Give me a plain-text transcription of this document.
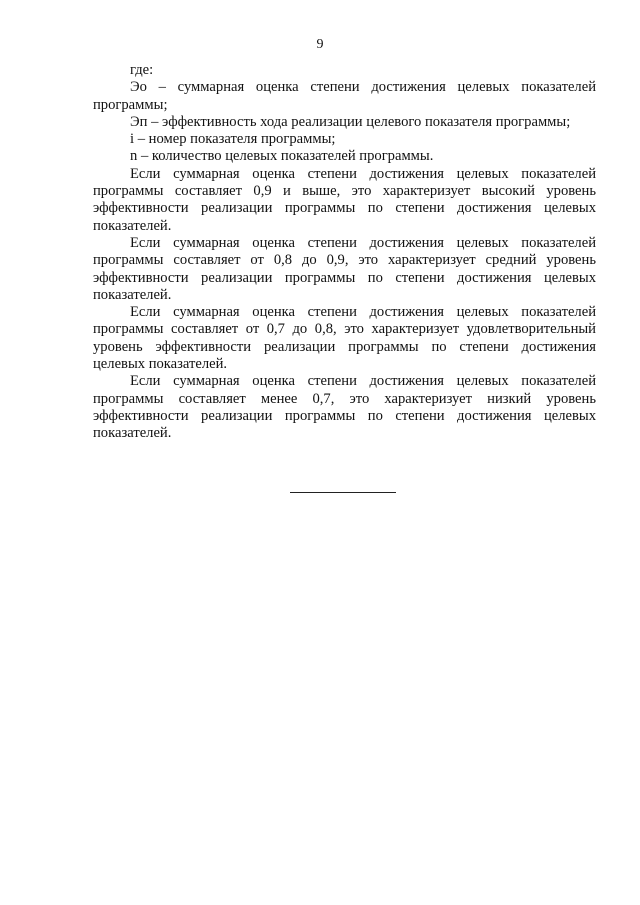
9

где:

Эо – суммарная оценка степени достижения целевых показателей программы;

Эп – эффективность хода реализации целевого показателя программы;

i – номер показателя программы;

n – количество целевых показателей программы.

Если суммарная оценка степени достижения целевых показателей программы составляет 0,9 и выше, это характеризует высокий уровень эффективности реализации программы по степени достижения целевых показателей.

Если суммарная оценка степени достижения целевых показателей программы составляет от 0,8 до 0,9, это характеризует средний уровень эффективности реализации программы по степени достижения целевых показателей.

Если суммарная оценка степени достижения целевых показателей программы составляет от 0,7 до 0,8, это характеризует удовлетворительный уровень эффективности реализации программы по степени достижения целевых показателей.

Если суммарная оценка степени достижения целевых показателей программы составляет менее 0,7, это характеризует низкий уровень эффективности реализации программы по степени достижения целевых показателей.
